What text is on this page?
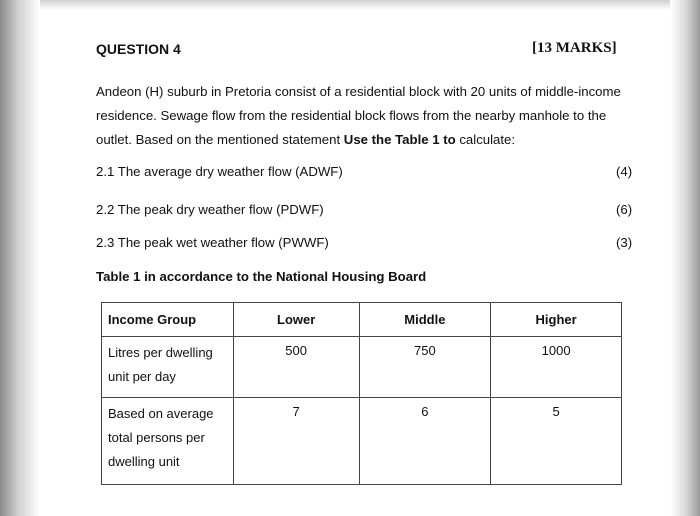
QUESTION 4	[13 MARKS]
Andeon (H) suburb in Pretoria consist of a residential block with 20 units of middle-income residence. Sewage flow from the residential block flows from the nearby manhole to the outlet. Based on the mentioned statement Use the Table 1 to calculate:
2.1 The average dry weather flow (ADWF)	(4)
2.2 The peak dry weather flow (PDWF)	(6)
2.3 The peak wet weather flow (PWWF)	(3)
Table 1 in accordance to the National Housing Board
Income Group	Lower	Middle	Higher
Litres per dwelling unit per day	500	750	1000
Based on average total persons per dwelling unit	7	6	5
